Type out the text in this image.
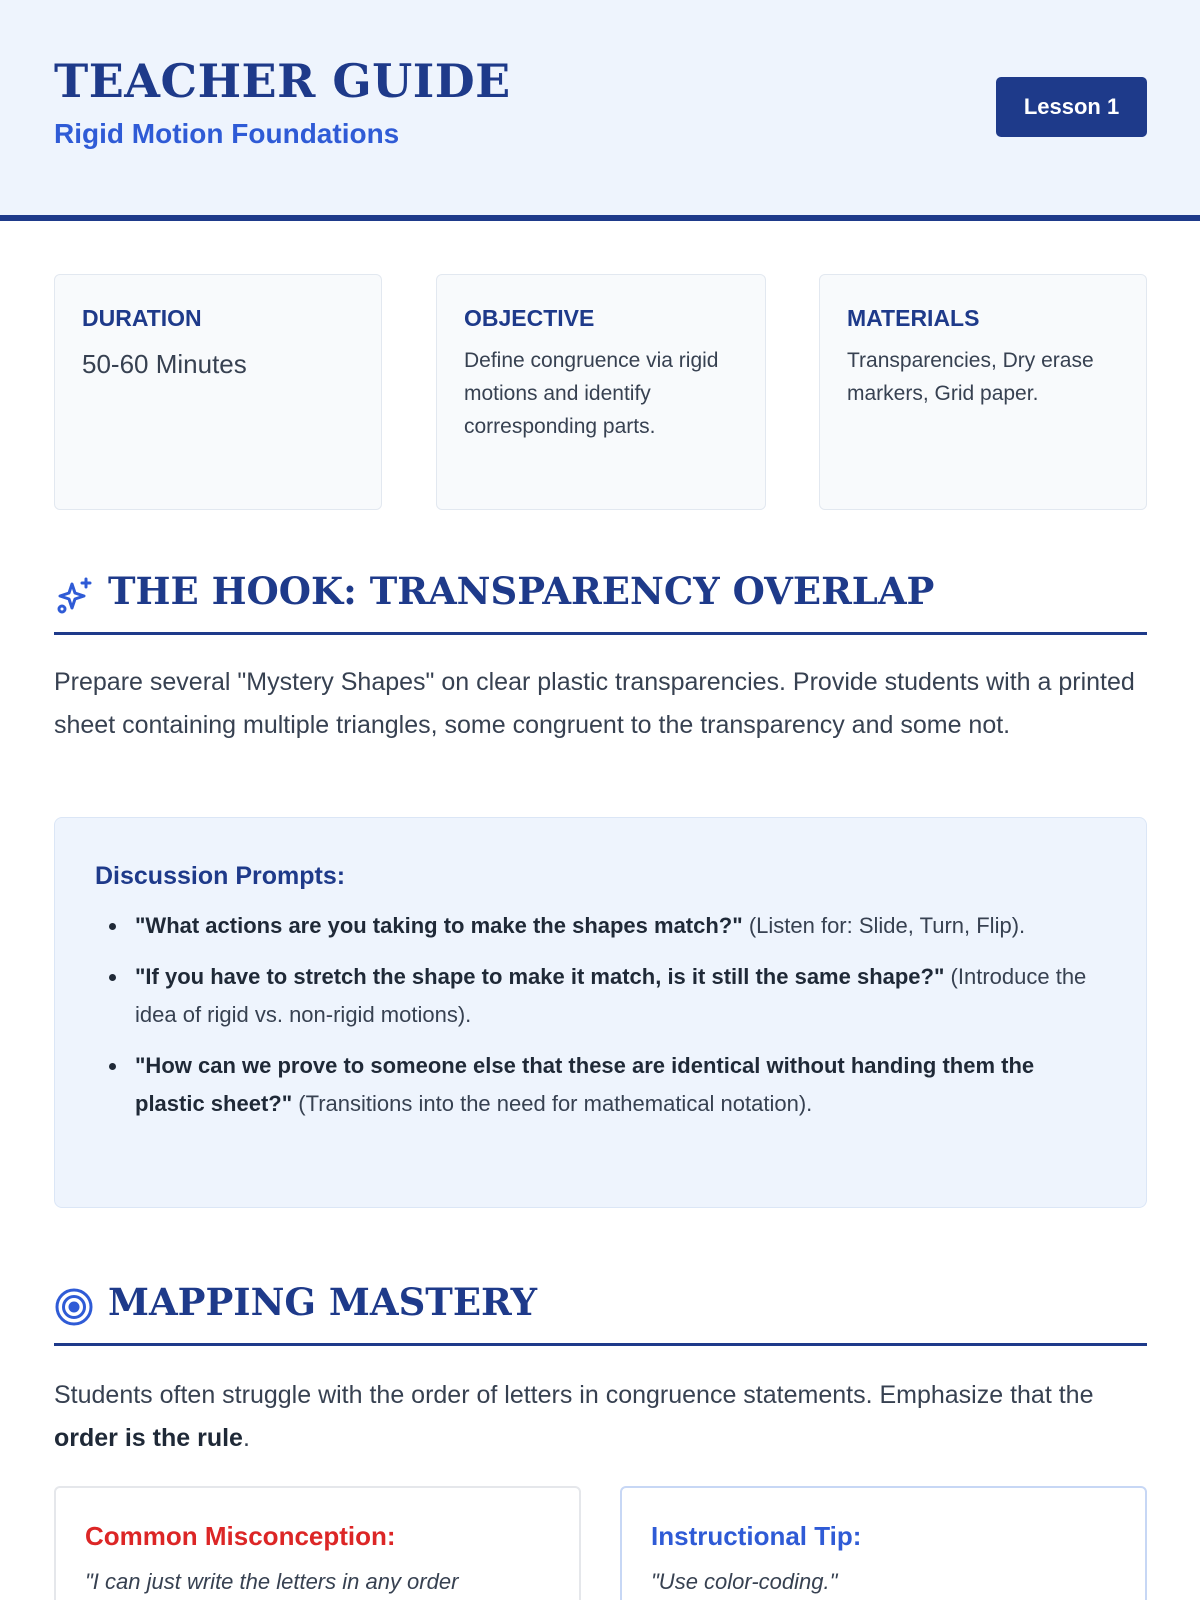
TEACHER GUIDE
Rigid Motion Foundations
Lesson 1
DURATION
50-60 Minutes
OBJECTIVE
Define congruence via rigid motions and identify corresponding parts.
MATERIALS
Transparencies, Dry erase markers, Grid paper.
THE HOOK: TRANSPARENCY OVERLAP
Prepare several "Mystery Shapes" on clear plastic transparencies. Provide students with a printed sheet containing multiple triangles, some congruent to the transparency and some not.
Discussion Prompts:
"What actions are you taking to make the shapes match?" (Listen for: Slide, Turn, Flip).
"If you have to stretch the shape to make it match, is it still the same shape?" (Introduce the idea of rigid vs. non-rigid motions).
"How can we prove to someone else that these are identical without handing them the plastic sheet?" (Transitions into the need for mathematical notation).
MAPPING MASTERY
Students often struggle with the order of letters in congruence statements. Emphasize that the order is the rule.
Common Misconception:
"I can just write the letters in any order
Instructional Tip:
"Use color-coding."
